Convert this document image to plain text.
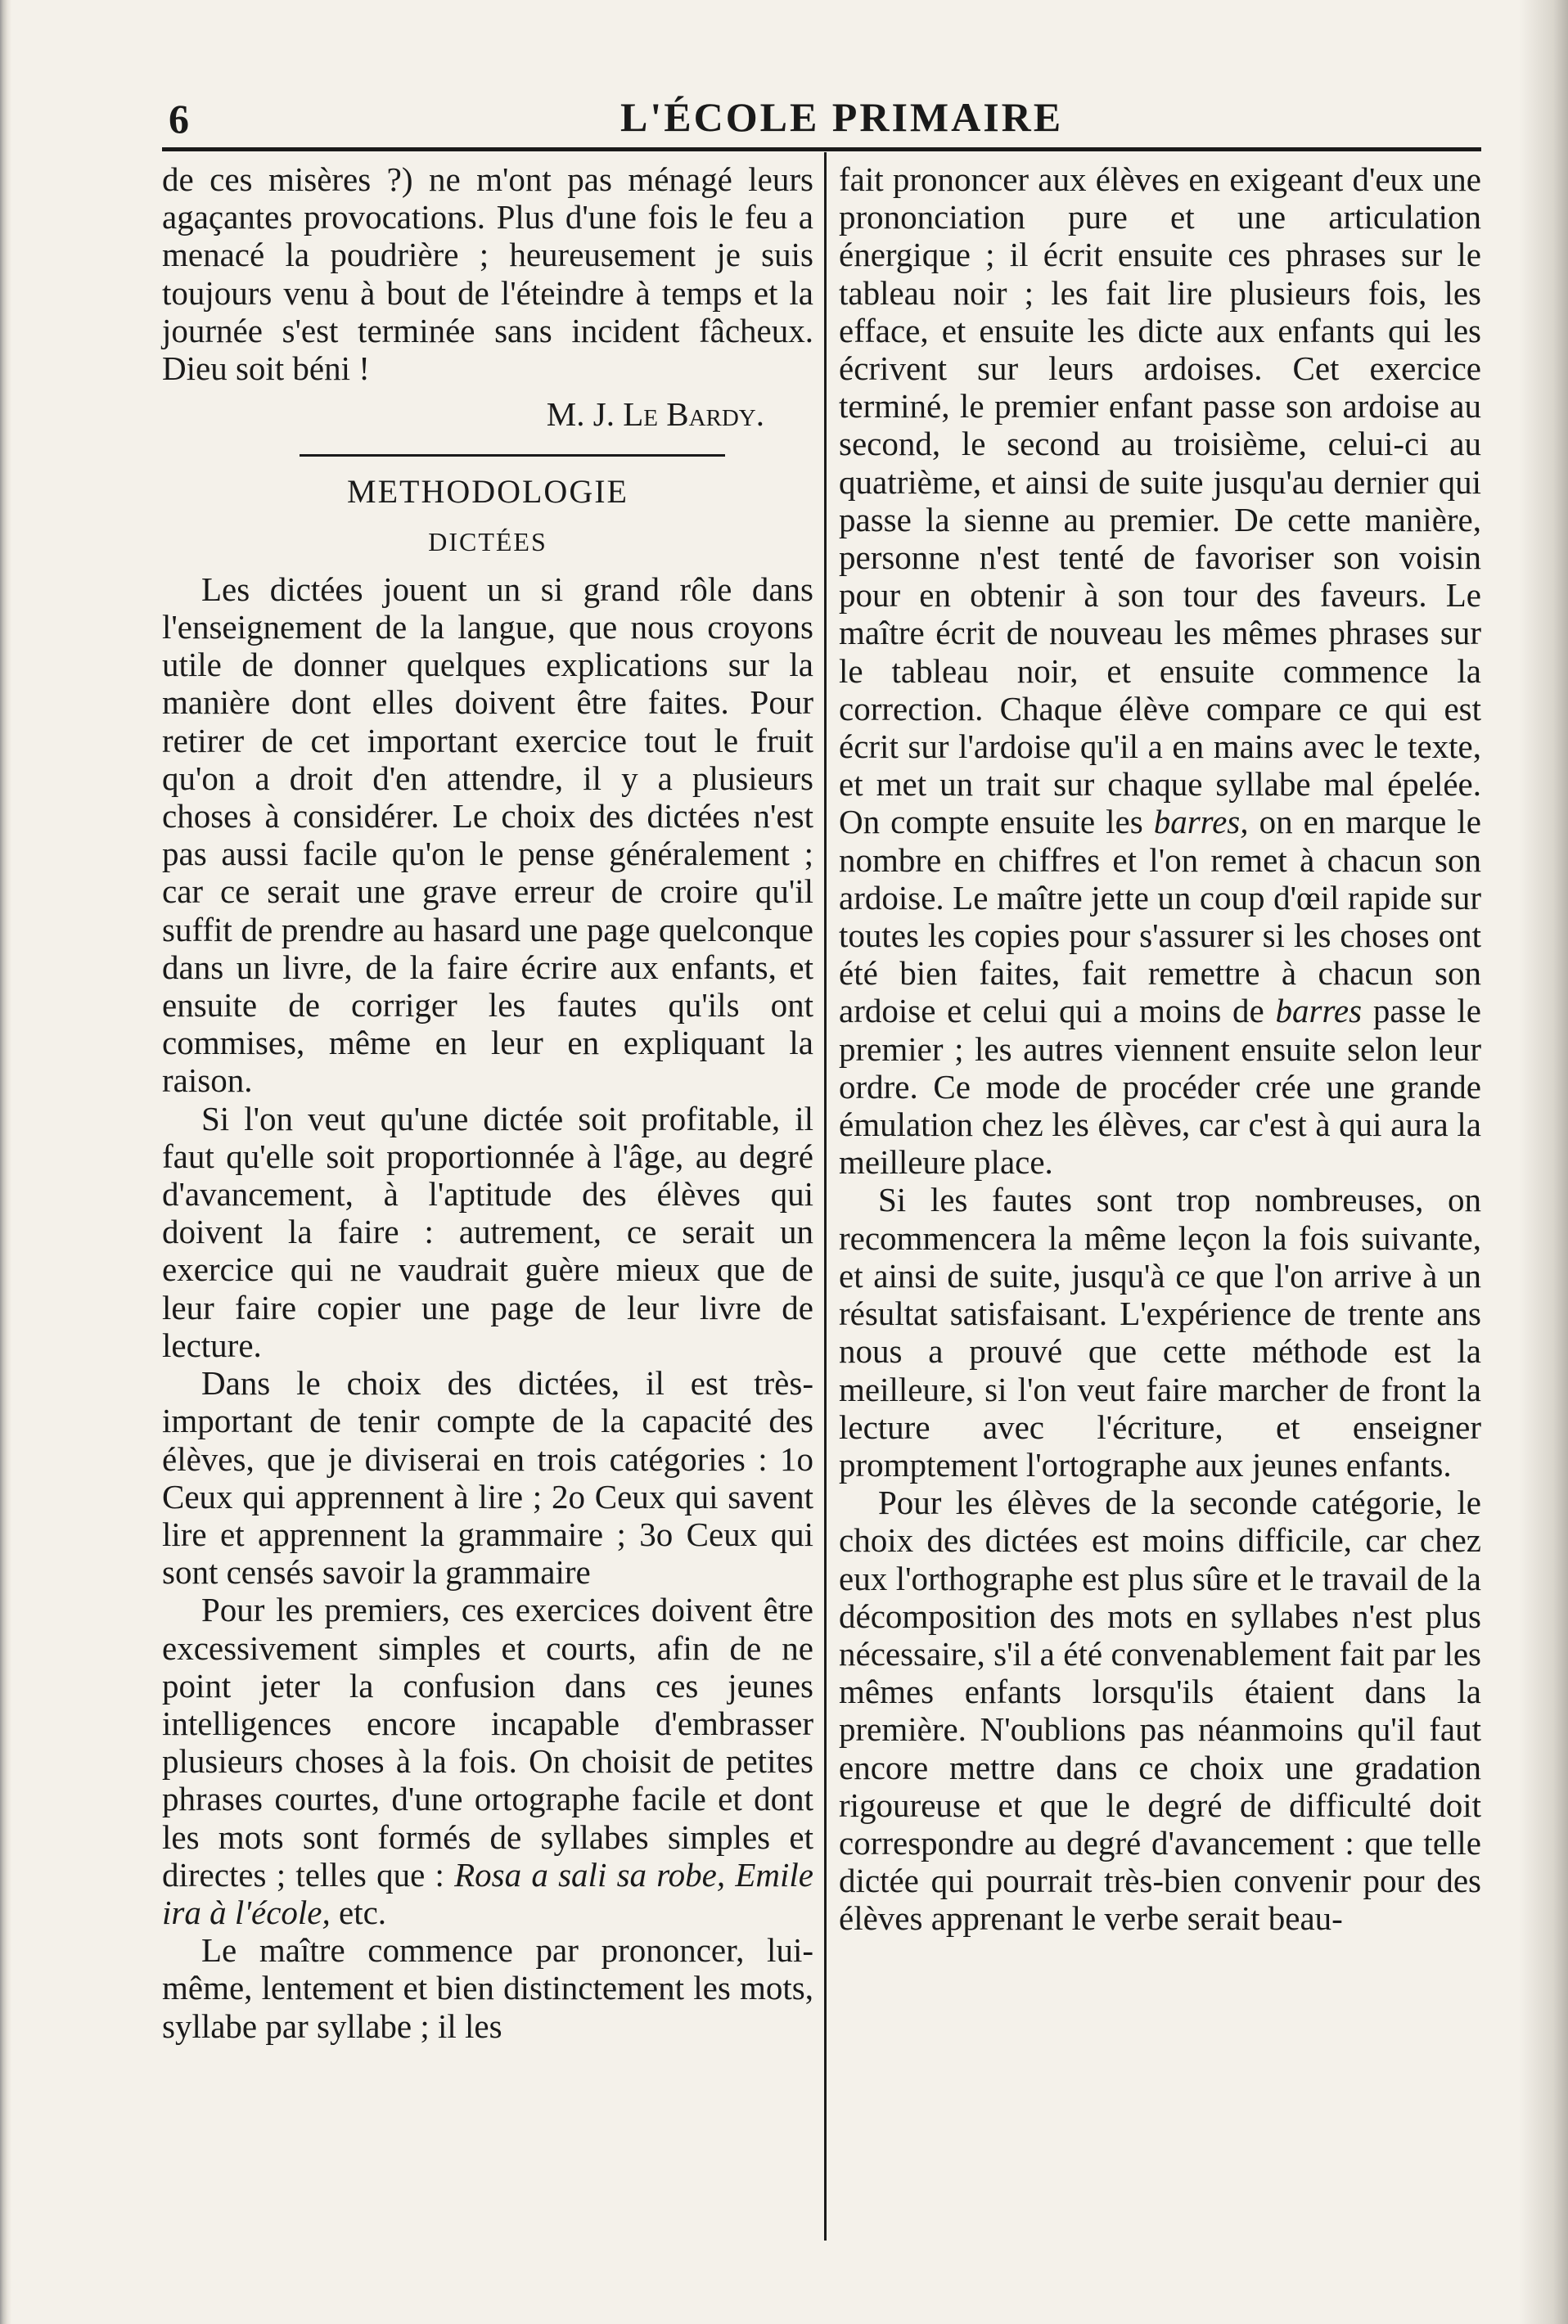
6	L'ÉCOLE PRIMAIRE

de ces misères ?) ne m'ont pas ménagé leurs agaçantes provocations. Plus d'une fois le feu a menacé la poudrière ; heureusement je suis toujours venu à bout de l'éteindre à temps et la journée s'est terminée sans incident fâcheux. Dieu soit béni !

M. J. Le Bardy.
METHODOLOGIE
DICTÉES

Les dictées jouent un si grand rôle dans l'enseignement de la langue, que nous croyons utile de donner quelques explications sur la manière dont elles doivent être faites. Pour retirer de cet important exercice tout le fruit qu'on a droit d'en attendre, il y a plusieurs choses à considérer. Le choix des dictées n'est pas aussi facile qu'on le pense généralement ; car ce serait une grave erreur de croire qu'il suffit de prendre au hasard une page quelconque dans un livre, de la faire écrire aux enfants, et ensuite de corriger les fautes qu'ils ont commises, même en leur en expliquant la raison.

Si l'on veut qu'une dictée soit profitable, il faut qu'elle soit proportionnée à l'âge, au degré d'avancement, à l'aptitude des élèves qui doivent la faire : autrement, ce serait un exercice qui ne vaudrait guère mieux que de leur faire copier une page de leur livre de lecture.

Dans le choix des dictées, il est très-important de tenir compte de la capacité des élèves, que je diviserai en trois catégories : 1o Ceux qui apprennent à lire ; 2o Ceux qui savent lire et apprennent la grammaire ; 3o Ceux qui sont censés savoir la grammaire

Pour les premiers, ces exercices doivent être excessivement simples et courts, afin de ne point jeter la confusion dans ces jeunes intelligences encore incapable d'embrasser plusieurs choses à la fois. On choisit de petites phrases courtes, d'une ortographe facile et dont les mots sont formés de syllabes simples et directes ; telles que : Rosa a sali sa robe, Emile ira à l'école, etc.

Le maître commence par prononcer, lui-même, lentement et bien distinctement les mots, syllabe par syllabe ; il les

fait prononcer aux élèves en exigeant d'eux une prononciation pure et une articulation énergique ; il écrit ensuite ces phrases sur le tableau noir ; les fait lire plusieurs fois, les efface, et ensuite les dicte aux enfants qui les écrivent sur leurs ardoises. Cet exercice terminé, le premier enfant passe son ardoise au second, le second au troisième, celui-ci au quatrième, et ainsi de suite jusqu'au dernier qui passe la sienne au premier. De cette manière, personne n'est tenté de favoriser son voisin pour en obtenir à son tour des faveurs. Le maître écrit de nouveau les mêmes phrases sur le tableau noir, et ensuite commence la correction. Chaque élève compare ce qui est écrit sur l'ardoise qu'il a en mains avec le texte, et met un trait sur chaque syllabe mal épelée. On compte ensuite les barres, on en marque le nombre en chiffres et l'on remet à chacun son ardoise. Le maître jette un coup d'œil rapide sur toutes les copies pour s'assurer si les choses ont été bien faites, fait remettre à chacun son ardoise et celui qui a moins de barres passe le premier ; les autres viennent ensuite selon leur ordre. Ce mode de procéder crée une grande émulation chez les élèves, car c'est à qui aura la meilleure place.

Si les fautes sont trop nombreuses, on recommencera la même leçon la fois suivante, et ainsi de suite, jusqu'à ce que l'on arrive à un résultat satisfaisant. L'expérience de trente ans nous a prouvé que cette méthode est la meilleure, si l'on veut faire marcher de front la lecture avec l'écriture, et enseigner promptement l'ortographe aux jeunes enfants.

Pour les élèves de la seconde catégorie, le choix des dictées est moins difficile, car chez eux l'orthographe est plus sûre et le travail de la décomposition des mots en syllabes n'est plus nécessaire, s'il a été convenablement fait par les mêmes enfants lorsqu'ils étaient dans la première. N'oublions pas néanmoins qu'il faut encore mettre dans ce choix une gradation rigoureuse et que le degré de difficulté doit correspondre au degré d'avancement : que telle dictée qui pourrait très-bien convenir pour des élèves apprenant le verbe serait beau-
